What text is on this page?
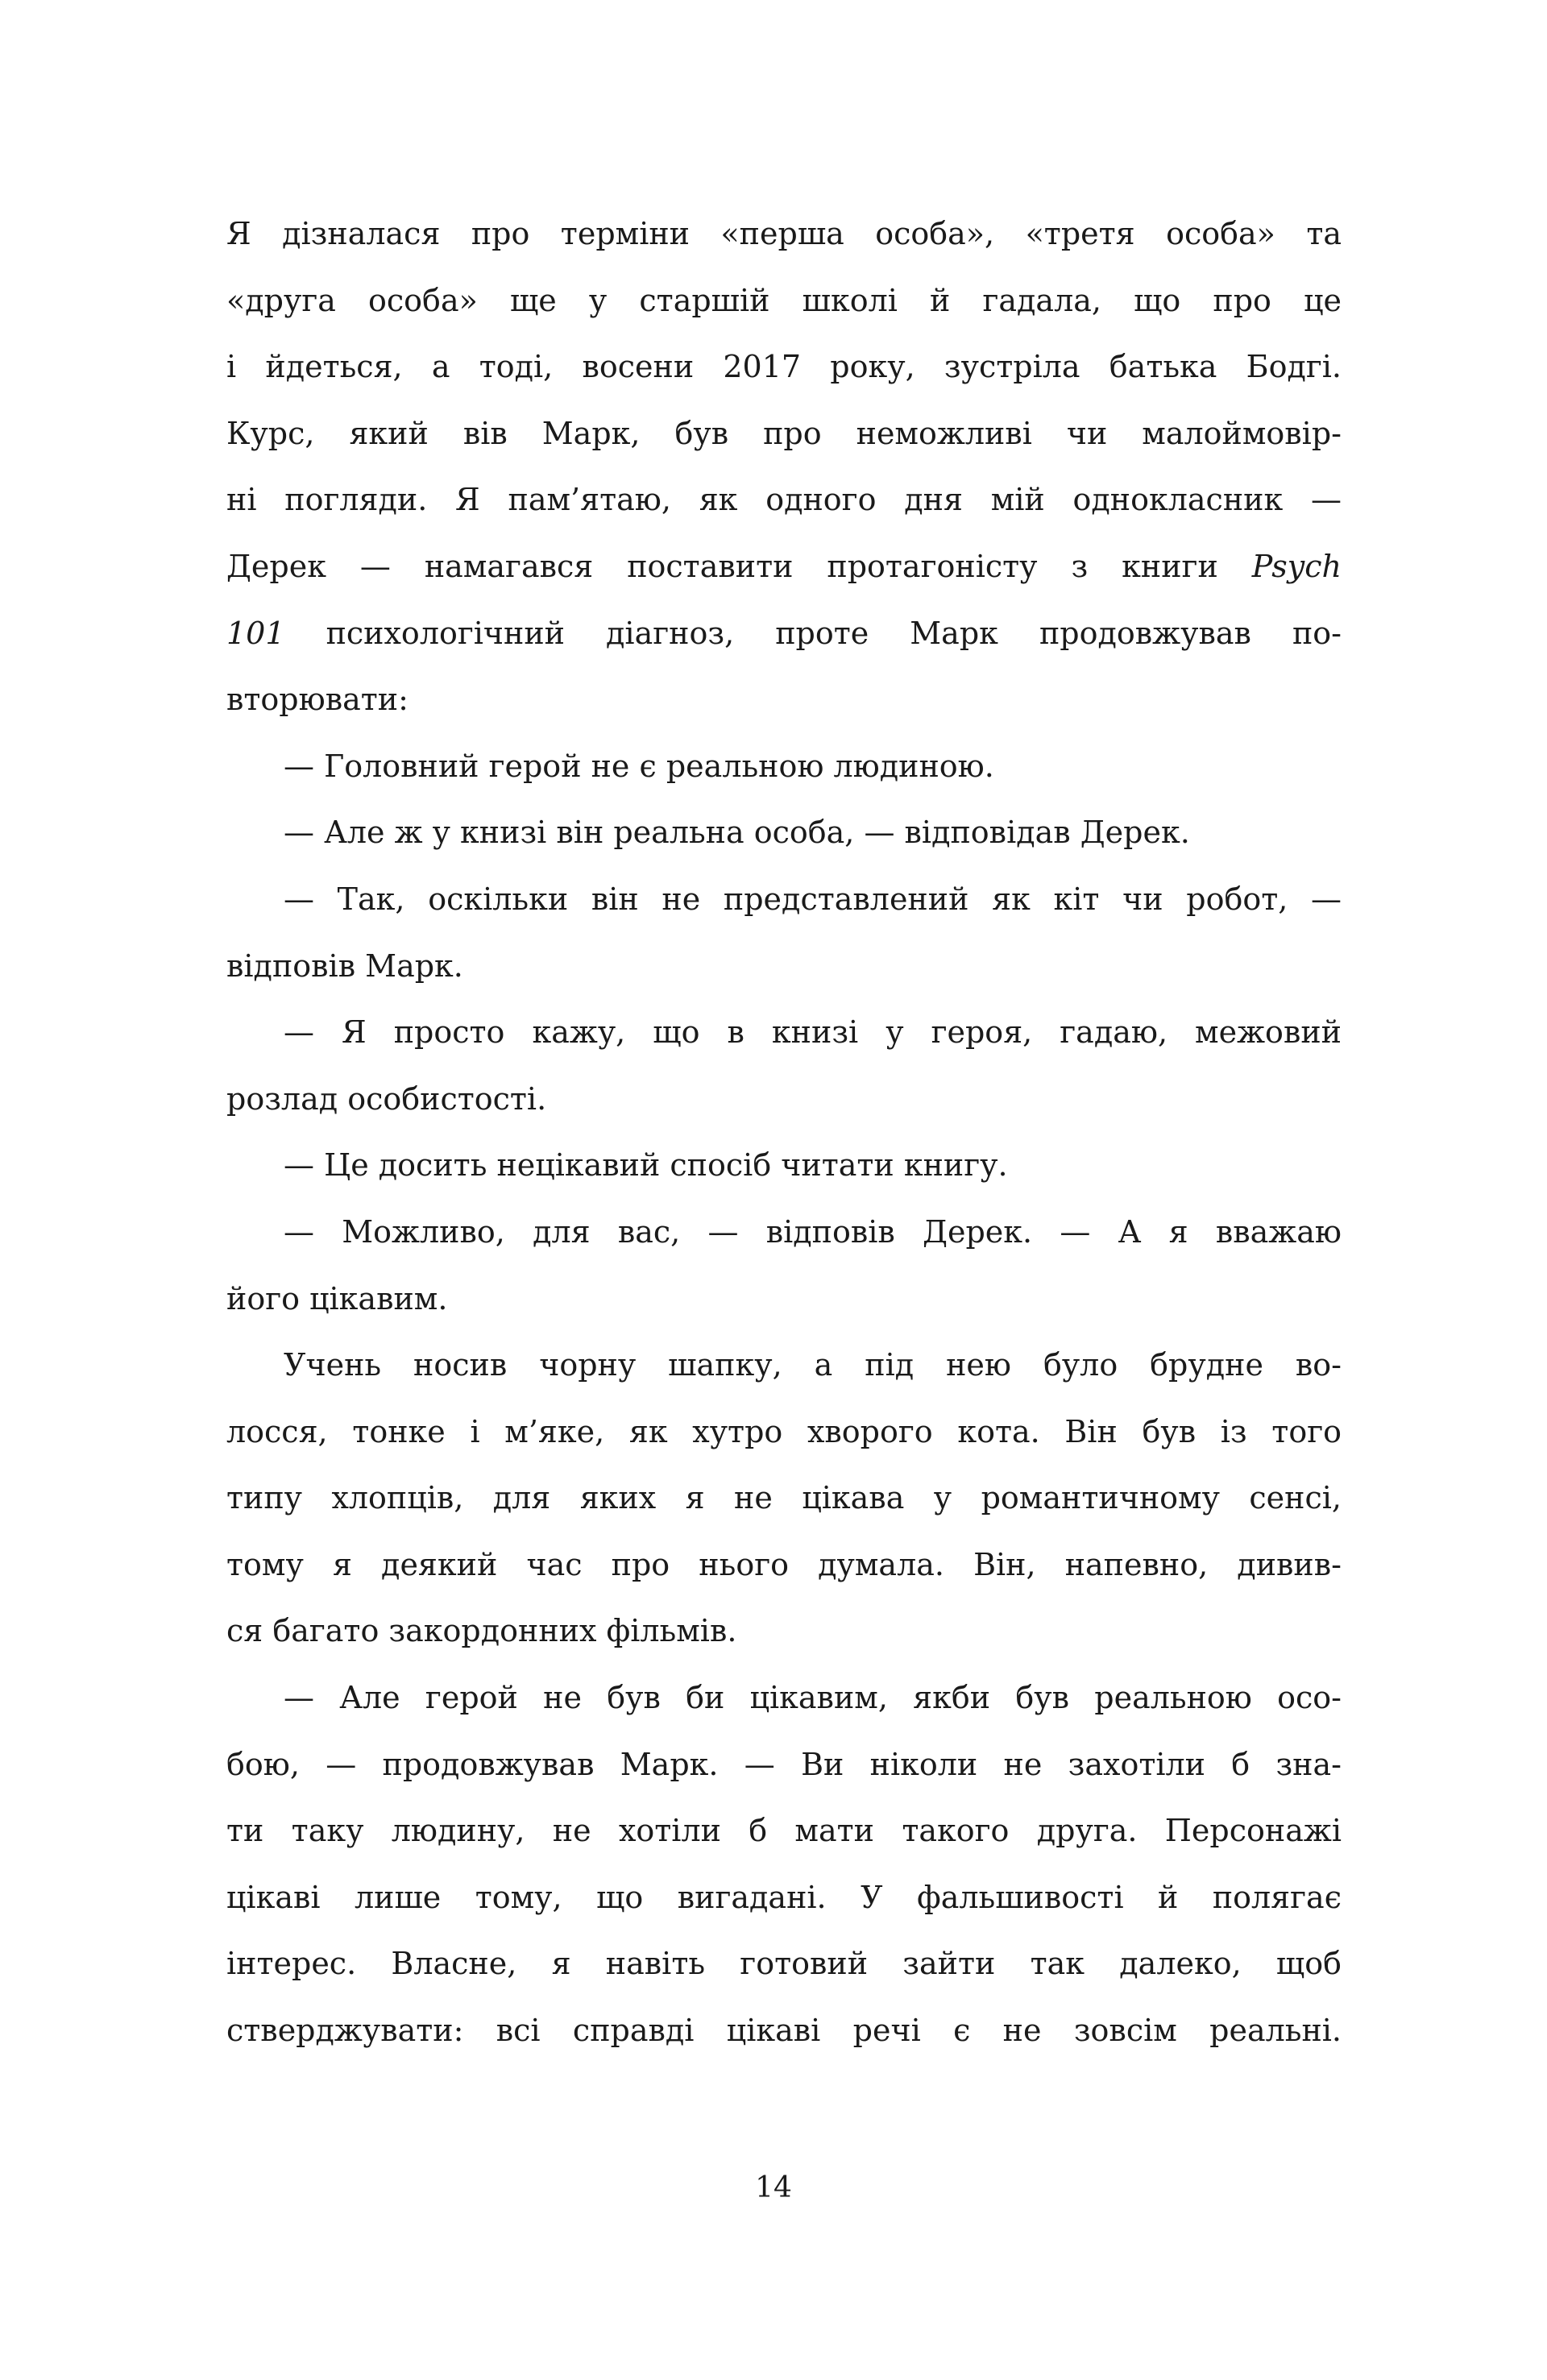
Я дізналася про терміни «перша особа», «третя особа» та
«друга особа» ще у старшій школі й гадала, що про це
і йдеться, а тоді, восени 2017 року, зустріла батька Бодгі.
Курс, який вів Марк, був про неможливі чи малоймовір-
ні погляди. Я пам’ятаю, як одного дня мій однокласник —
Дерек — намагався поставити протагоністу з книги Psych
101 психологічний діагноз, проте Марк продовжував по-
вторювати:
— Головний герой не є реальною людиною.
— Але ж у книзі він реальна особа, — відповідав Дерек.
— Так, оскільки він не представлений як кіт чи робот, —
відповів Марк.
— Я просто кажу, що в книзі у героя, гадаю, межовий
розлад особистості.
— Це досить нецікавий спосіб читати книгу.
— Можливо, для вас, — відповів Дерек. — А я вважаю
його цікавим.
Учень носив чорну шапку, а під нею було брудне во-
лосся, тонке і м’яке, як хутро хворого кота. Він був із того
типу хлопців, для яких я не цікава у романтичному сенсі,
тому я деякий час про нього думала. Він, напевно, дивив-
ся багато закордонних фільмів.
— Але герой не був би цікавим, якби був реальною осо-
бою, — продовжував Марк. — Ви ніколи не захотіли б зна-
ти таку людину, не хотіли б мати такого друга. Персонажі
цікаві лише тому, що вигадані. У фальшивості й полягає
інтерес. Власне, я навіть готовий зайти так далеко, щоб
стверджувати: всі справді цікаві речі є не зовсім реальні.
14
